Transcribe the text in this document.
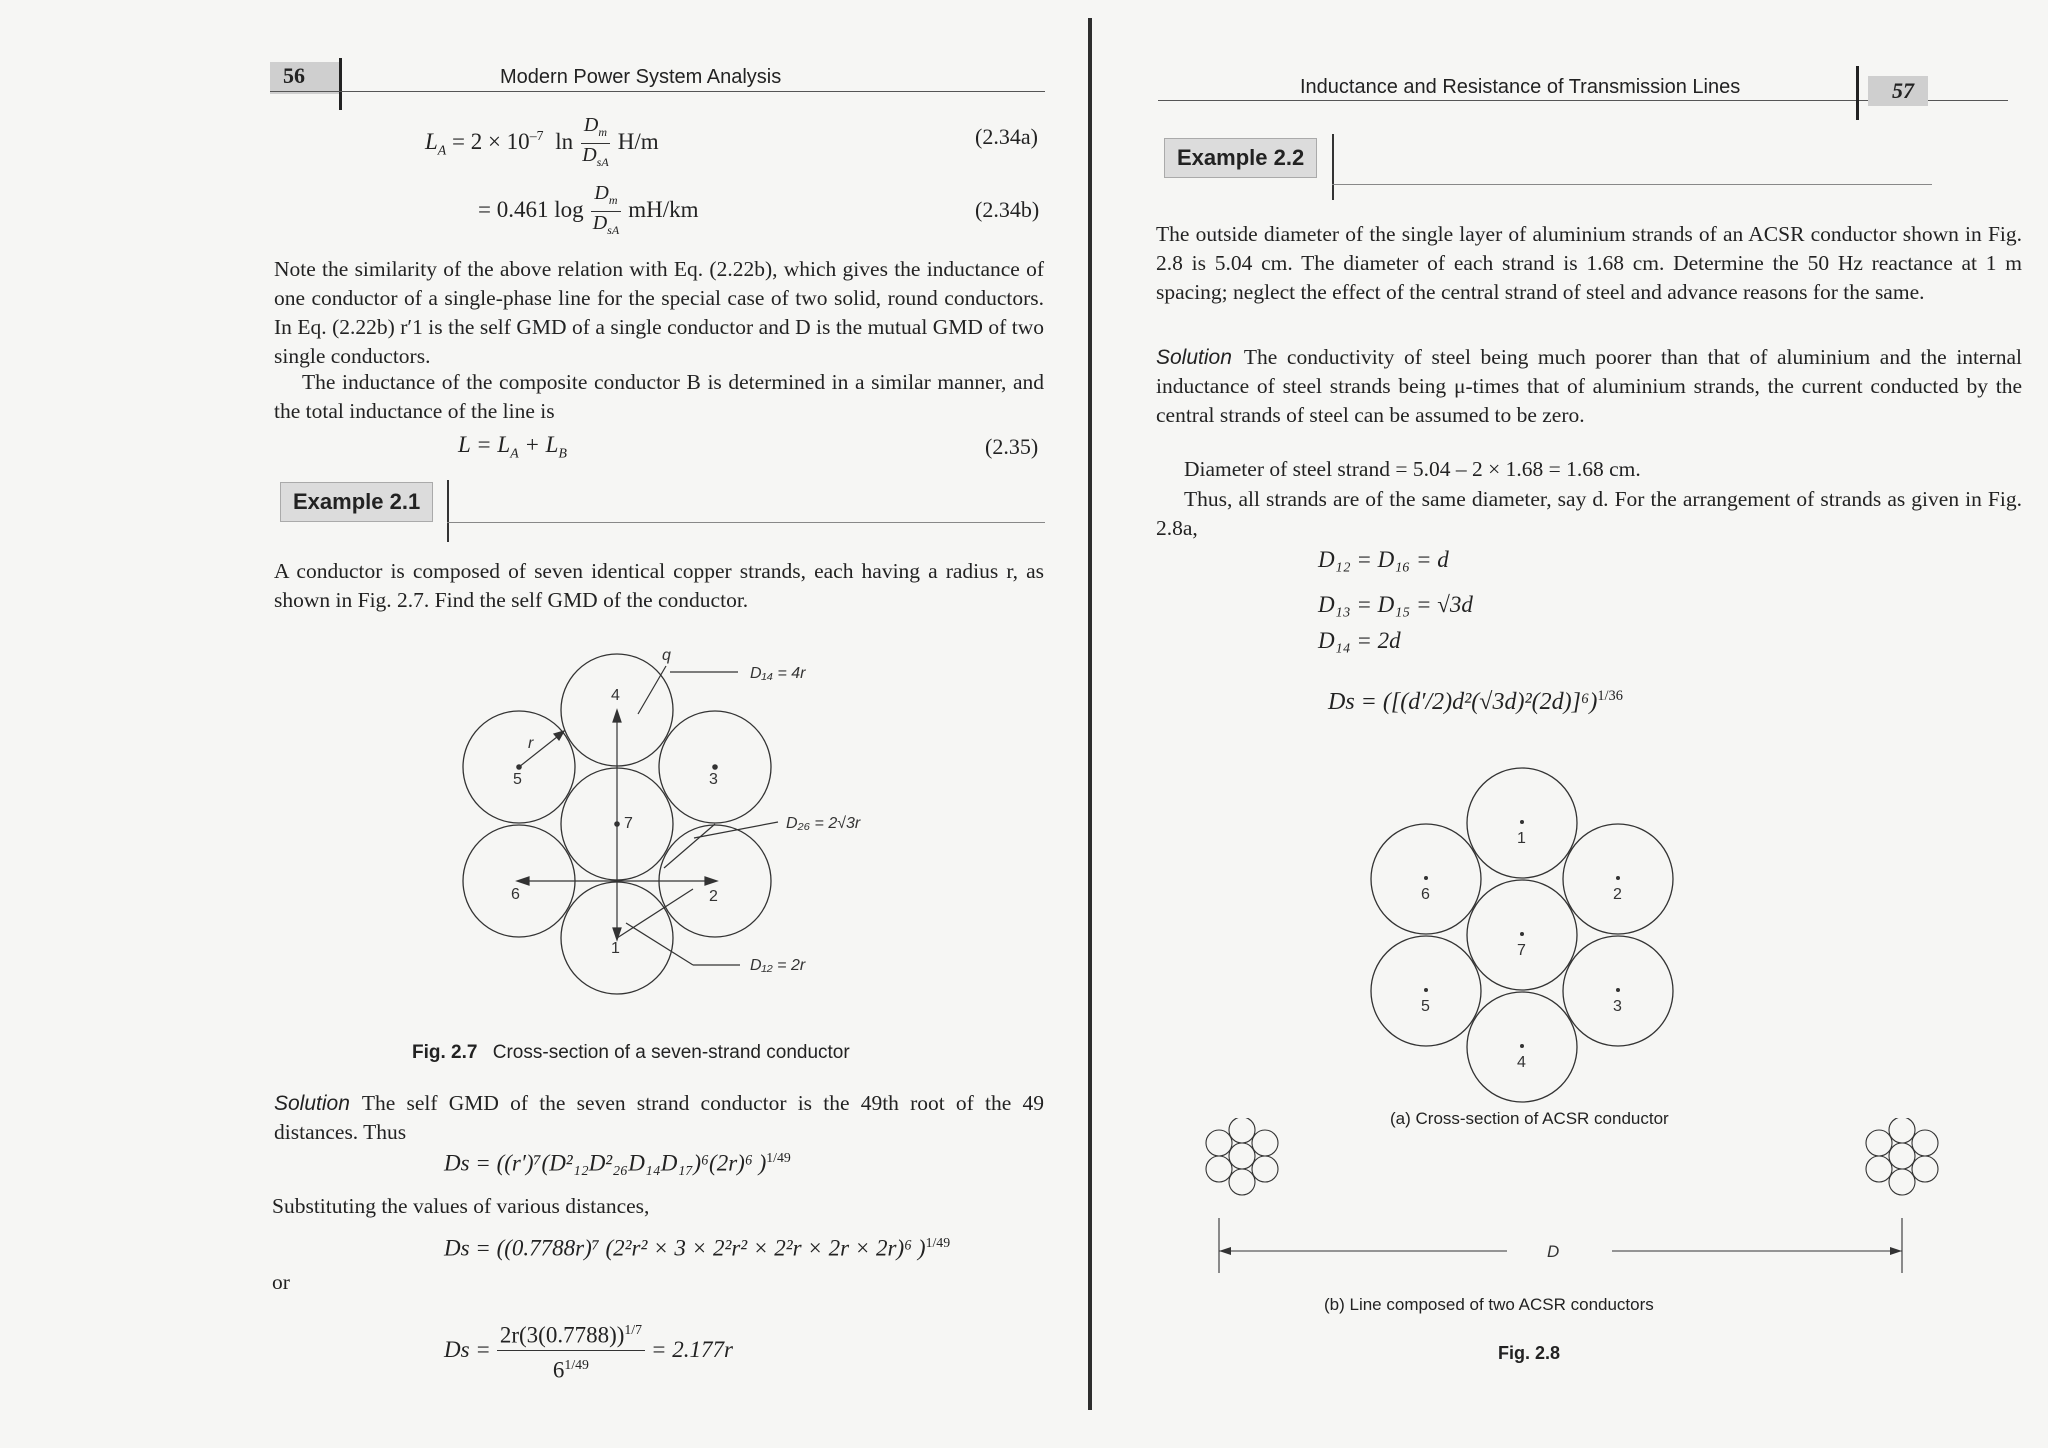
56	Modern Power System Analysis
$L_A = 2 \times 10^{-7}$ $\ln \frac{D_m}{D_{sA}} H/m$	(2.34a)
= 0.461 $\log \frac{D_m}{D_{sA}} mH/km$	(2.34b)
Note the similarity of the above relation with Eq. (2.22b), which gives the inductance of one conductor of a single-phase line for the special case of two solid, round conductors. In Eq. (2.22b) r′1 is the self GMD of a single conductor and D is the mutual GMD of two single conductors.
The inductance of the composite conductor B is determined in a similar manner, and the total inductance of the line is
$L = L_A + L_B$	(2.35)
Example 2.1
A conductor is composed of seven identical copper strands, each having a radius r, as shown in Fig. 2.7. Find the self GMD of the conductor.
q
D₁₄ = 4r
r
4
3
5
7	D₂₆ = 2√3r
6	2
1
D₁₂ = 2r
Fig. 2.7 Cross-section of a seven-strand conductor
Solution The self GMD of the seven strand conductor is the 49th root of the 49 distances. Thus
Ds = ((r′)⁷(D²₁₂D²₂₆D₁₄D₁₇)⁶(2r)⁶ )$^{1/49}$
Substituting the values of various distances,
Ds = ((0.7788r)⁷ (2²r² × 3 × 2²r² × 2²r × 2r × 2r)⁶ )$^{1/49}$
or
$Ds = \frac{2r(3(0.7788))^{1/7}}{6^{1/49}} = 2.177r$
Inductance and Resistance of Transmission Lines	57
Example 2.2
The outside diameter of the single layer of aluminium strands of an ACSR conductor shown in Fig. 2.8 is 5.04 cm. The diameter of each strand is 1.68 cm. Determine the 50 Hz reactance at 1 m spacing; neglect the effect of the central strand of steel and advance reasons for the same.
Solution The conductivity of steel being much poorer than that of aluminium and the internal inductance of steel strands being μ-times that of aluminium strands, the current conducted by the central strands of steel can be assumed to be zero.
Diameter of steel strand = 5.04 – 2 × 1.68 = 1.68 cm.
Thus, all strands are of the same diameter, say d. For the arrangement of strands as given in Fig. 2.8a,
D₁₂ = D₁₆ = d
D₁₃ = D₁₅ = √3d
D₁₄ = 2d
$Ds = ([(d'/2)d^2(√3d)^2(2d)]^6)^{1/36}$
1
6	2
7
5	3
4
(a) Cross-section of ACSR conductor
D
(b) Line composed of two ACSR conductors
Fig. 2.8
